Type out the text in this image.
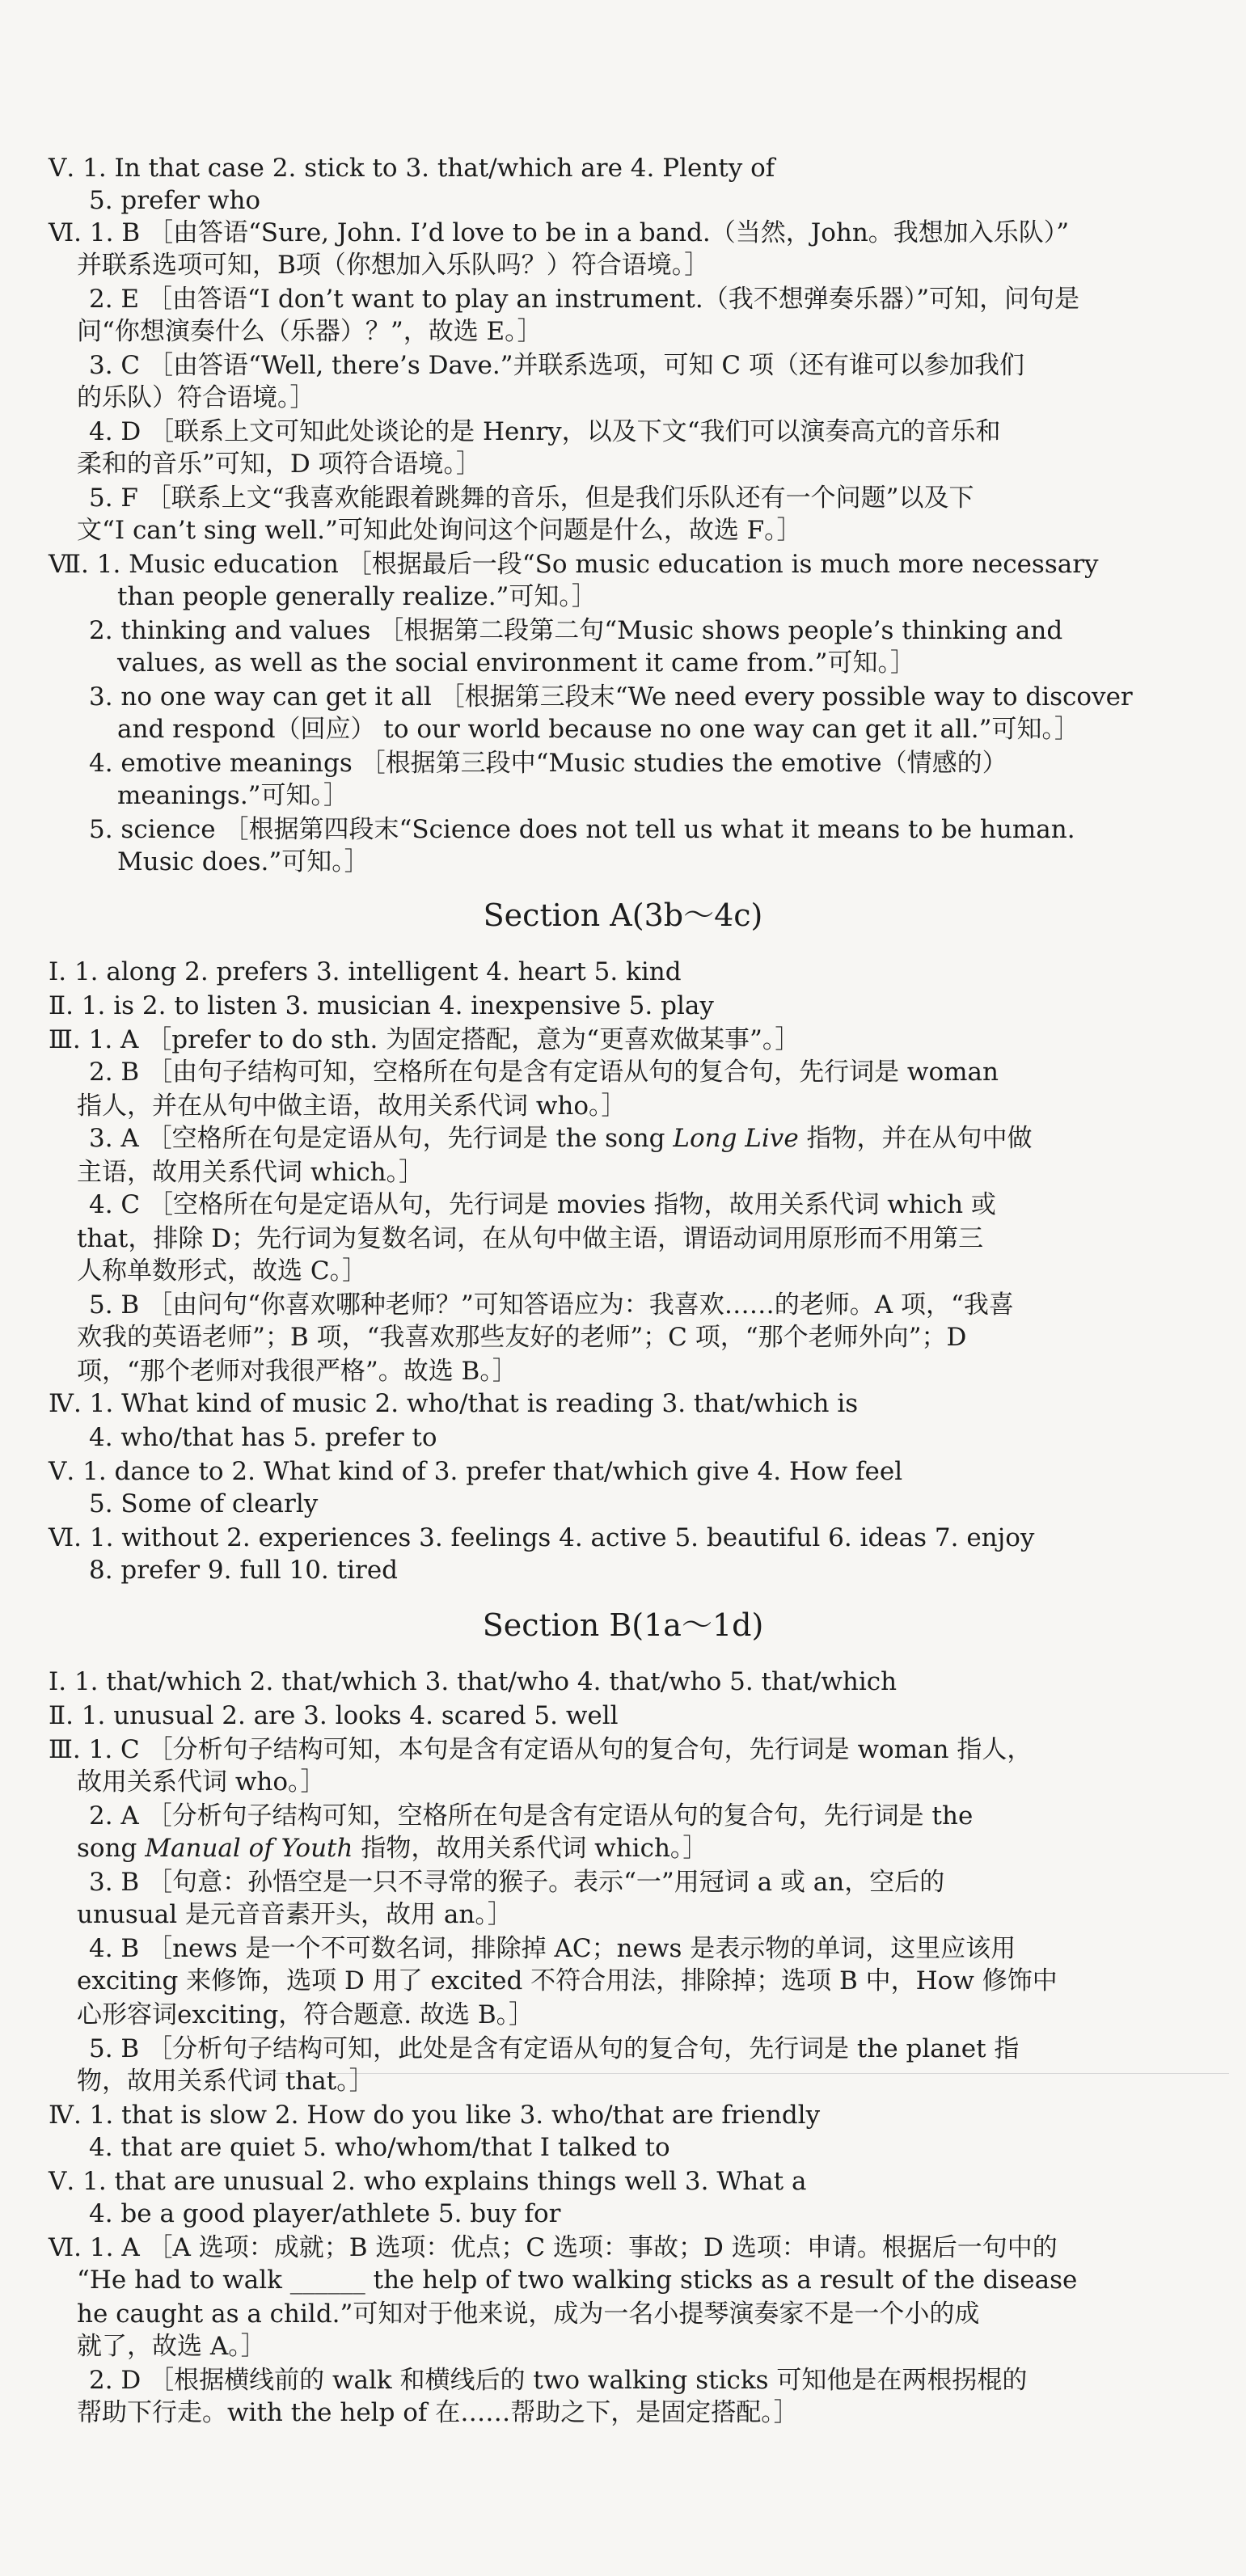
Ⅴ. 1. In that case 2. stick to 3. that/which are 4. Plenty of
5. prefer who
Ⅵ. 1. B ［由答语“Sure, John. I’d love to be in a band.（当然，John。我想加入乐队）”
并联系选项可知，B项（你想加入乐队吗？）符合语境。］
2. E ［由答语“I don’t want to play an instrument.（我不想弹奏乐器）”可知，问句是
问“你想演奏什么（乐器）？”，故选 E。］
3. C ［由答语“Well, there’s Dave.”并联系选项，可知 C 项（还有谁可以参加我们
的乐队）符合语境。］
4. D ［联系上文可知此处谈论的是 Henry，以及下文“我们可以演奏高亢的音乐和
柔和的音乐”可知，D 项符合语境。］
5. F ［联系上文“我喜欢能跟着跳舞的音乐，但是我们乐队还有一个问题”以及下
文“I can’t sing well.”可知此处询问这个问题是什么，故选 F。］
Ⅶ. 1. Music education ［根据最后一段“So music education is much more necessary
than people generally realize.”可知。］
2. thinking and values ［根据第二段第二句“Music shows people’s thinking and
values, as well as the social environment it came from.”可知。］
3. no one way can get it all ［根据第三段末“We need every possible way to discover
and respond（回应） to our world because no one way can get it all.”可知。］
4. emotive meanings ［根据第三段中“Music studies the emotive（情感的）
meanings.”可知。］
5. science ［根据第四段末“Science does not tell us what it means to be human.
Music does.”可知。］
Section A(3b～4c)
Ⅰ. 1. along 2. prefers 3. intelligent 4. heart 5. kind
Ⅱ. 1. is 2. to listen 3. musician 4. inexpensive 5. play
Ⅲ. 1. A ［prefer to do sth. 为固定搭配，意为“更喜欢做某事”。］
2. B ［由句子结构可知，空格所在句是含有定语从句的复合句，先行词是 woman
指人，并在从句中做主语，故用关系代词 who。］
3. A ［空格所在句是定语从句，先行词是 the song Long Live 指物，并在从句中做
主语，故用关系代词 which。］
4. C ［空格所在句是定语从句，先行词是 movies 指物，故用关系代词 which 或
that，排除 D；先行词为复数名词，在从句中做主语，谓语动词用原形而不用第三
人称单数形式，故选 C。］
5. B ［由问句“你喜欢哪种老师？”可知答语应为：我喜欢……的老师。A 项，“我喜
欢我的英语老师”；B 项，“我喜欢那些友好的老师”；C 项，“那个老师外向”；D
项，“那个老师对我很严格”。故选 B。］
Ⅳ. 1. What kind of music 2. who/that is reading 3. that/which is
4. who/that has 5. prefer to
Ⅴ. 1. dance to 2. What kind of 3. prefer that/which give 4. How feel
5. Some of clearly
Ⅵ. 1. without 2. experiences 3. feelings 4. active 5. beautiful 6. ideas 7. enjoy
8. prefer 9. full 10. tired
Section B(1a～1d)
Ⅰ. 1. that/which 2. that/which 3. that/who 4. that/who 5. that/which
Ⅱ. 1. unusual 2. are 3. looks 4. scared 5. well
Ⅲ. 1. C ［分析句子结构可知，本句是含有定语从句的复合句，先行词是 woman 指人，
故用关系代词 who。］
2. A ［分析句子结构可知，空格所在句是含有定语从句的复合句，先行词是 the
song Manual of Youth 指物，故用关系代词 which。］
3. B ［句意：孙悟空是一只不寻常的猴子。表示“一”用冠词 a 或 an，空后的
unusual 是元音音素开头，故用 an。］
4. B ［news 是一个不可数名词，排除掉 AC；news 是表示物的单词，这里应该用
exciting 来修饰，选项 D 用了 excited 不符合用法，排除掉；选项 B 中，How 修饰中
心形容词exciting，符合题意. 故选 B。］
5. B ［分析句子结构可知，此处是含有定语从句的复合句，先行词是 the planet 指
物，故用关系代词 that。］
Ⅳ. 1. that is slow 2. How do you like 3. who/that are friendly
4. that are quiet 5. who/whom/that I talked to
Ⅴ. 1. that are unusual 2. who explains things well 3. What a
4. be a good player/athlete 5. buy for
Ⅵ. 1. A ［A 选项：成就；B 选项：优点；C 选项：事故；D 选项：申请。根据后一句中的
“He had to walk ______ the help of two walking sticks as a result of the disease
he caught as a child.”可知对于他来说，成为一名小提琴演奏家不是一个小的成
就了，故选 A。］
2. D ［根据横线前的 walk 和横线后的 two walking sticks 可知他是在两根拐棍的
帮助下行走。with the help of 在……帮助之下，是固定搭配。］
